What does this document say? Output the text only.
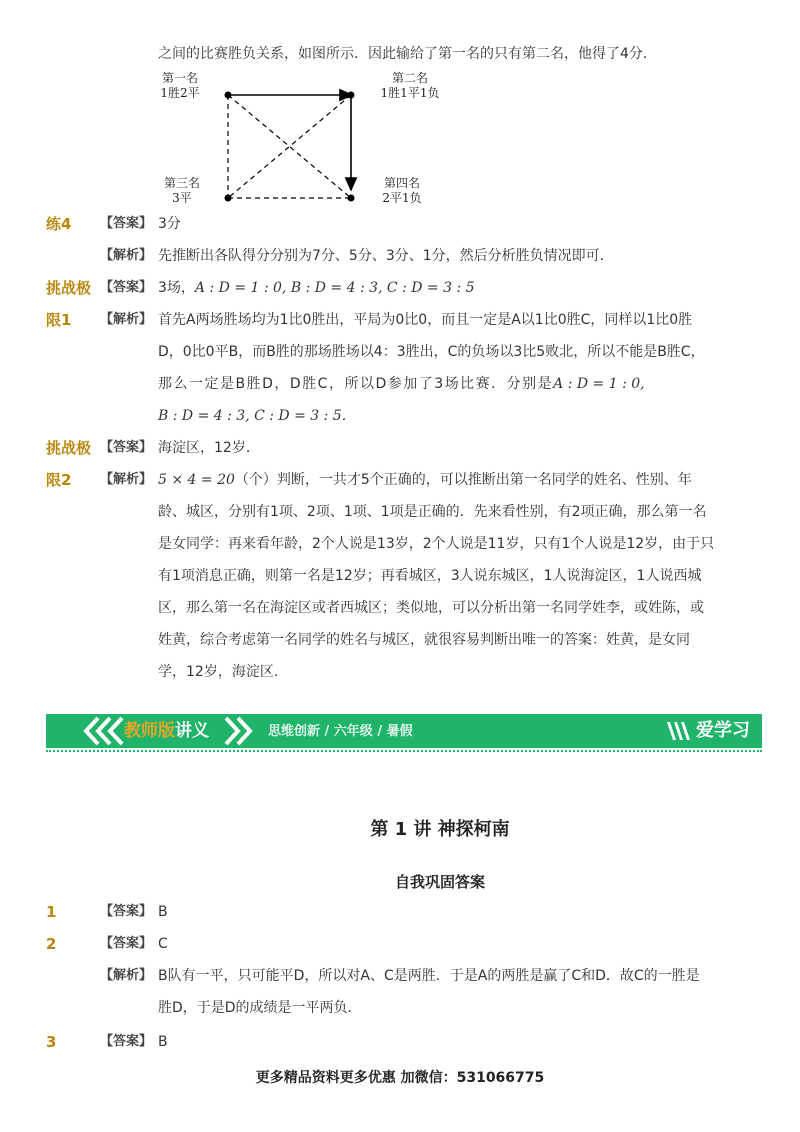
之间的比赛胜负关系，如图所示．因此输给了第一名的只有第二名，他得了4分．
第一名
1胜2平
第二名
1胜1平1负
第三名
3平
第四名
2平1负
练4 【答案】 3分
【解析】 先推断出各队得分分别为7分、5分、3分、1分，然后分析胜负情况即可．
挑战极 【答案】 3场，A : D = 1 : 0, B : D = 4 : 3, C : D = 3 : 5
限1 【解析】 首先A两场胜场均为1比0胜出，平局为0比0，而且一定是A以1比0胜C，同样以1比0胜
D，0比0平B，而B胜的那场胜场以4：3胜出，C的负场以3比5败北，所以不能是B胜C，
那么一定是B胜D，D胜C，所以D参加了3场比赛．分别是A : D = 1 : 0,
B : D = 4 : 3, C : D = 3 : 5.
挑战极 【答案】 海淀区，12岁．
限2 【解析】 5 × 4 = 20（个）判断，一共才5个正确的，可以推断出第一名同学的姓名、性别、年
龄、城区，分别有1项、2项、1项、1项是正确的．先来看性别，有2项正确，那么第一名
是女同学：再来看年龄，2个人说是13岁，2个人说是11岁，只有1个人说是12岁，由于只
有1项消息正确，则第一名是12岁；再看城区，3人说东城区，1人说海淀区，1人说西城
区，那么第一名在海淀区或者西城区；类似地，可以分析出第一名同学姓李，或姓陈，或
姓黄，综合考虑第一名同学的姓名与城区，就很容易判断出唯一的答案：姓黄，是女同
学，12岁，海淀区．
教师版讲义	思维创新 / 六年级 / 暑假	爱学习
第 1 讲 神探柯南
自我巩固答案
1	【答案】 B
2	【答案】 C
【解析】 B队有一平，只可能平D，所以对A、C是两胜．于是A的两胜是赢了C和D．故C的一胜是
胜D，于是D的成绩是一平两负．
3	【答案】 B
更多精品资料更多优惠 加微信：531066775
